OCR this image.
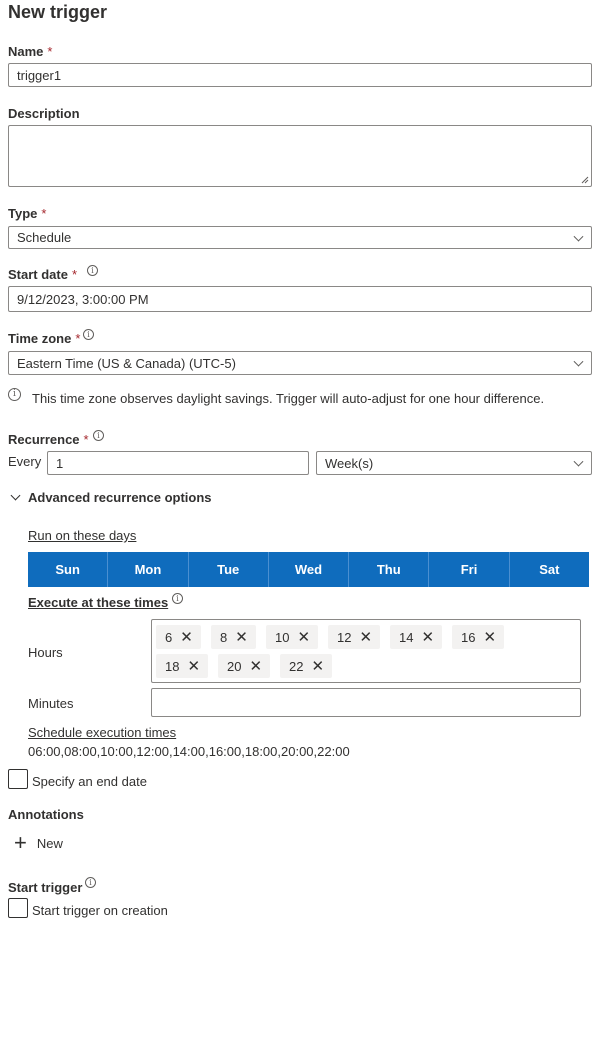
New trigger
Name *
trigger1
Description
Type *
Schedule
Start date *	i
9/12/2023, 3:00:00 PM
Time zone * i
Eastern Time (US & Canada) (UTC-5)
i	This time zone observes daylight savings. Trigger will auto-adjust for one hour difference.
Recurrence *	i
Every
1	Week(s)
Advanced recurrence options
Run on these days
Sun	Mon	Tue	Wed	Thu	Fri	Sat
Execute at these times	i
Hours
6 ✕ 8 ✕ 10 ✕ 12 ✕ 14 ✕ 16 ✕
18 ✕ 20 ✕ 22 ✕
Minutes
Schedule execution times
06:00,08:00,10:00,12:00,14:00,16:00,18:00,20:00,22:00
Specify an end date
Annotations
+ New
Start trigger i
Start trigger on creation
